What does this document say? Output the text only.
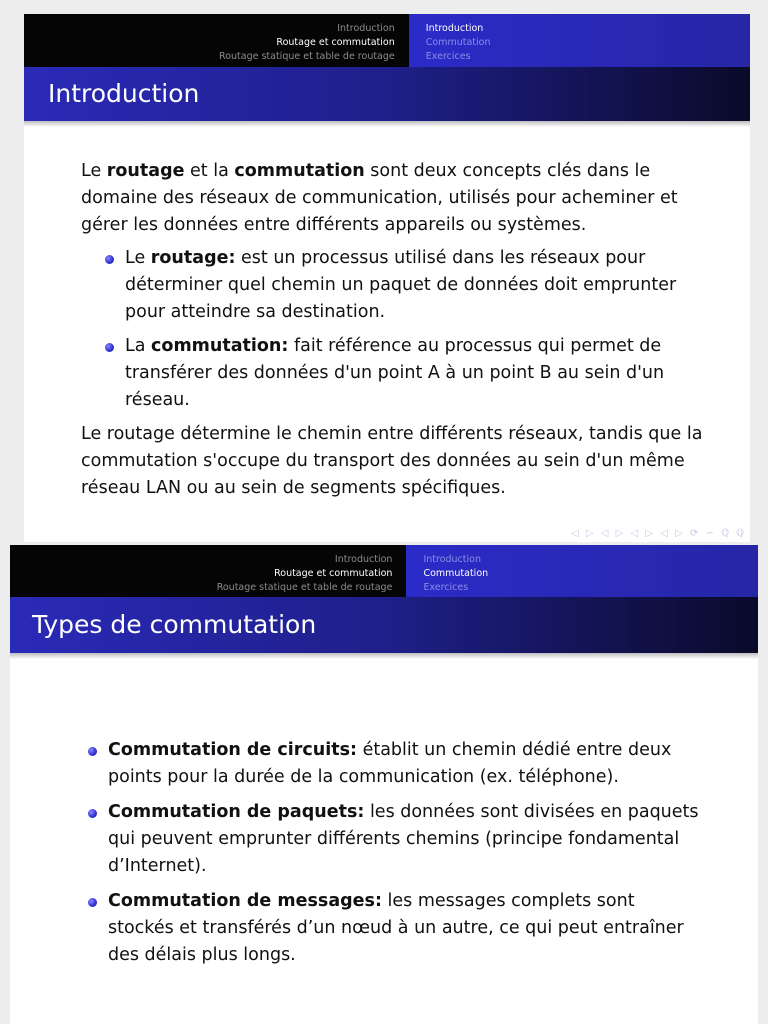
Introduction
Routage et commutation
Routage statique et table de routage
Introduction
Commutation
Exercices
Introduction

Le routage et la commutation sont deux concepts clés dans le domaine des réseaux de communication, utilisés pour acheminer et gérer les données entre différents appareils ou systèmes.

Le routage: est un processus utilisé dans les réseaux pour déterminer quel chemin un paquet de données doit emprunter pour atteindre sa destination.
La commutation: fait référence au processus qui permet de transférer des données d'un point A à un point B au sein d'un réseau.

Le routage détermine le chemin entre différents réseaux, tandis que la commutation s'occupe du transport des données au sein d'un même réseau LAN ou au sein de segments spécifiques.

◁ ▷ ◁ ▷ ◁ ▷ ◁ ▷ ⟳ ∽ ℚ ℚ
Introduction
Routage et commutation
Routage statique et table de routage
Introduction
Commutation
Exercices
Types de commutation
Commutation de circuits: établit un chemin dédié entre deux points pour la durée de la communication (ex. téléphone).
Commutation de paquets: les données sont divisées en paquets qui peuvent emprunter différents chemins (principe fondamental d’Internet).
Commutation de messages: les messages complets sont stockés et transférés d’un nœud à un autre, ce qui peut entraîner des délais plus longs.
